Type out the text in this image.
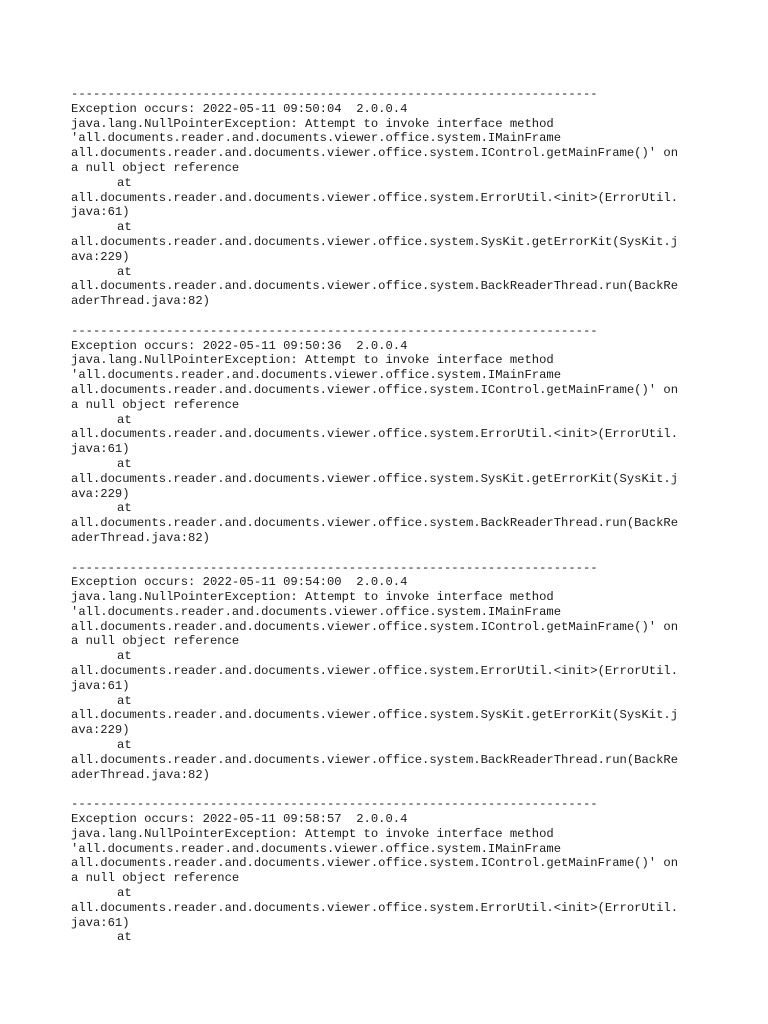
------------------------------------------------------------------------
Exception occurs: 2022-05-11 09:50:04  2.0.0.4
java.lang.NullPointerException: Attempt to invoke interface method
'all.documents.reader.and.documents.viewer.office.system.IMainFrame
all.documents.reader.and.documents.viewer.office.system.IControl.getMainFrame()' on
a null object reference
at
all.documents.reader.and.documents.viewer.office.system.ErrorUtil.<init>(ErrorUtil.
java:61)
at
all.documents.reader.and.documents.viewer.office.system.SysKit.getErrorKit(SysKit.j
ava:229)
at
all.documents.reader.and.documents.viewer.office.system.BackReaderThread.run(BackRe
aderThread.java:82)
------------------------------------------------------------------------
Exception occurs: 2022-05-11 09:50:36  2.0.0.4
java.lang.NullPointerException: Attempt to invoke interface method
'all.documents.reader.and.documents.viewer.office.system.IMainFrame
all.documents.reader.and.documents.viewer.office.system.IControl.getMainFrame()' on
a null object reference
at
all.documents.reader.and.documents.viewer.office.system.ErrorUtil.<init>(ErrorUtil.
java:61)
at
all.documents.reader.and.documents.viewer.office.system.SysKit.getErrorKit(SysKit.j
ava:229)
at
all.documents.reader.and.documents.viewer.office.system.BackReaderThread.run(BackRe
aderThread.java:82)
------------------------------------------------------------------------
Exception occurs: 2022-05-11 09:54:00  2.0.0.4
java.lang.NullPointerException: Attempt to invoke interface method
'all.documents.reader.and.documents.viewer.office.system.IMainFrame
all.documents.reader.and.documents.viewer.office.system.IControl.getMainFrame()' on
a null object reference
at
all.documents.reader.and.documents.viewer.office.system.ErrorUtil.<init>(ErrorUtil.
java:61)
at
all.documents.reader.and.documents.viewer.office.system.SysKit.getErrorKit(SysKit.j
ava:229)
at
all.documents.reader.and.documents.viewer.office.system.BackReaderThread.run(BackRe
aderThread.java:82)
------------------------------------------------------------------------
Exception occurs: 2022-05-11 09:58:57  2.0.0.4
java.lang.NullPointerException: Attempt to invoke interface method
'all.documents.reader.and.documents.viewer.office.system.IMainFrame
all.documents.reader.and.documents.viewer.office.system.IControl.getMainFrame()' on
a null object reference
at
all.documents.reader.and.documents.viewer.office.system.ErrorUtil.<init>(ErrorUtil.
java:61)
at
